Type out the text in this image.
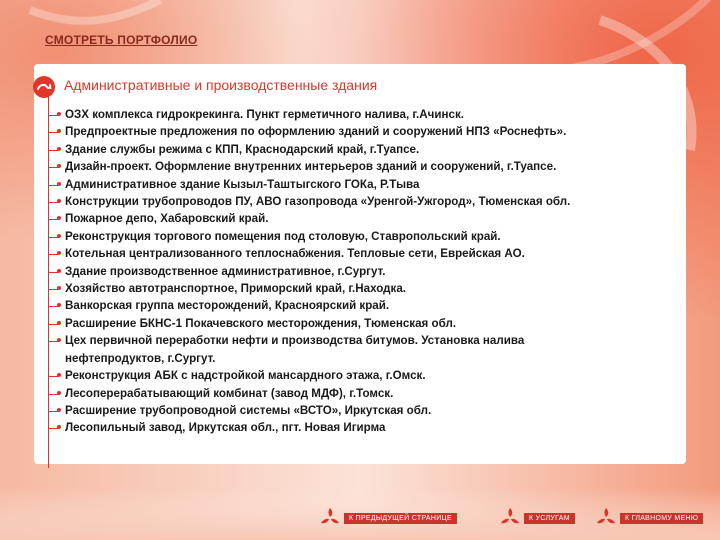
СМОТРЕТЬ ПОРТФОЛИО
Административные и производственные здания
ОЗХ комплекса гидрокрекинга. Пункт герметичного налива, г.Ачинск.
Предпроектные предложения по оформлению зданий и сооружений НПЗ «Роснефть».
Здание службы режима с КПП, Краснодарский край, г.Туапсе.
Дизайн-проект. Оформление внутренних интерьеров зданий и сооружений, г.Туапсе.
Административное здание Кызыл-Таштыгского ГОКа, Р.Тыва
Конструкции трубопроводов ПУ, АВО газопровода «Уренгой-Ужгород», Тюменская обл.
Пожарное депо, Хабаровский край.
Реконструкция торгового помещения под столовую, Ставропольский край.
Котельная централизованного теплоснабжения. Тепловые сети, Еврейская АО.
Здание производственное административное, г.Сургут.
Хозяйство автотранспортное, Приморский край, г.Находка.
Ванкорская группа месторождений, Красноярский край.
Расширение БКНС-1 Покачевского месторождения, Тюменская обл.
Цех первичной переработки нефти и производства битумов. Установка налива
нефтепродуктов, г.Сургут.
Реконструкция АБК с надстройкой мансардного этажа, г.Омск.
Лесоперерабатывающий комбинат (завод МДФ), г.Томск.
Расширение трубопроводной системы «ВСТО», Иркутская обл.
Лесопильный завод, Иркутская обл., пгт. Новая Игирма
К ПРЕДЫДУЩЕЙ СТРАНИЦЕ	К УСЛУГАМ	К ГЛАВНОМУ МЕНЮ
